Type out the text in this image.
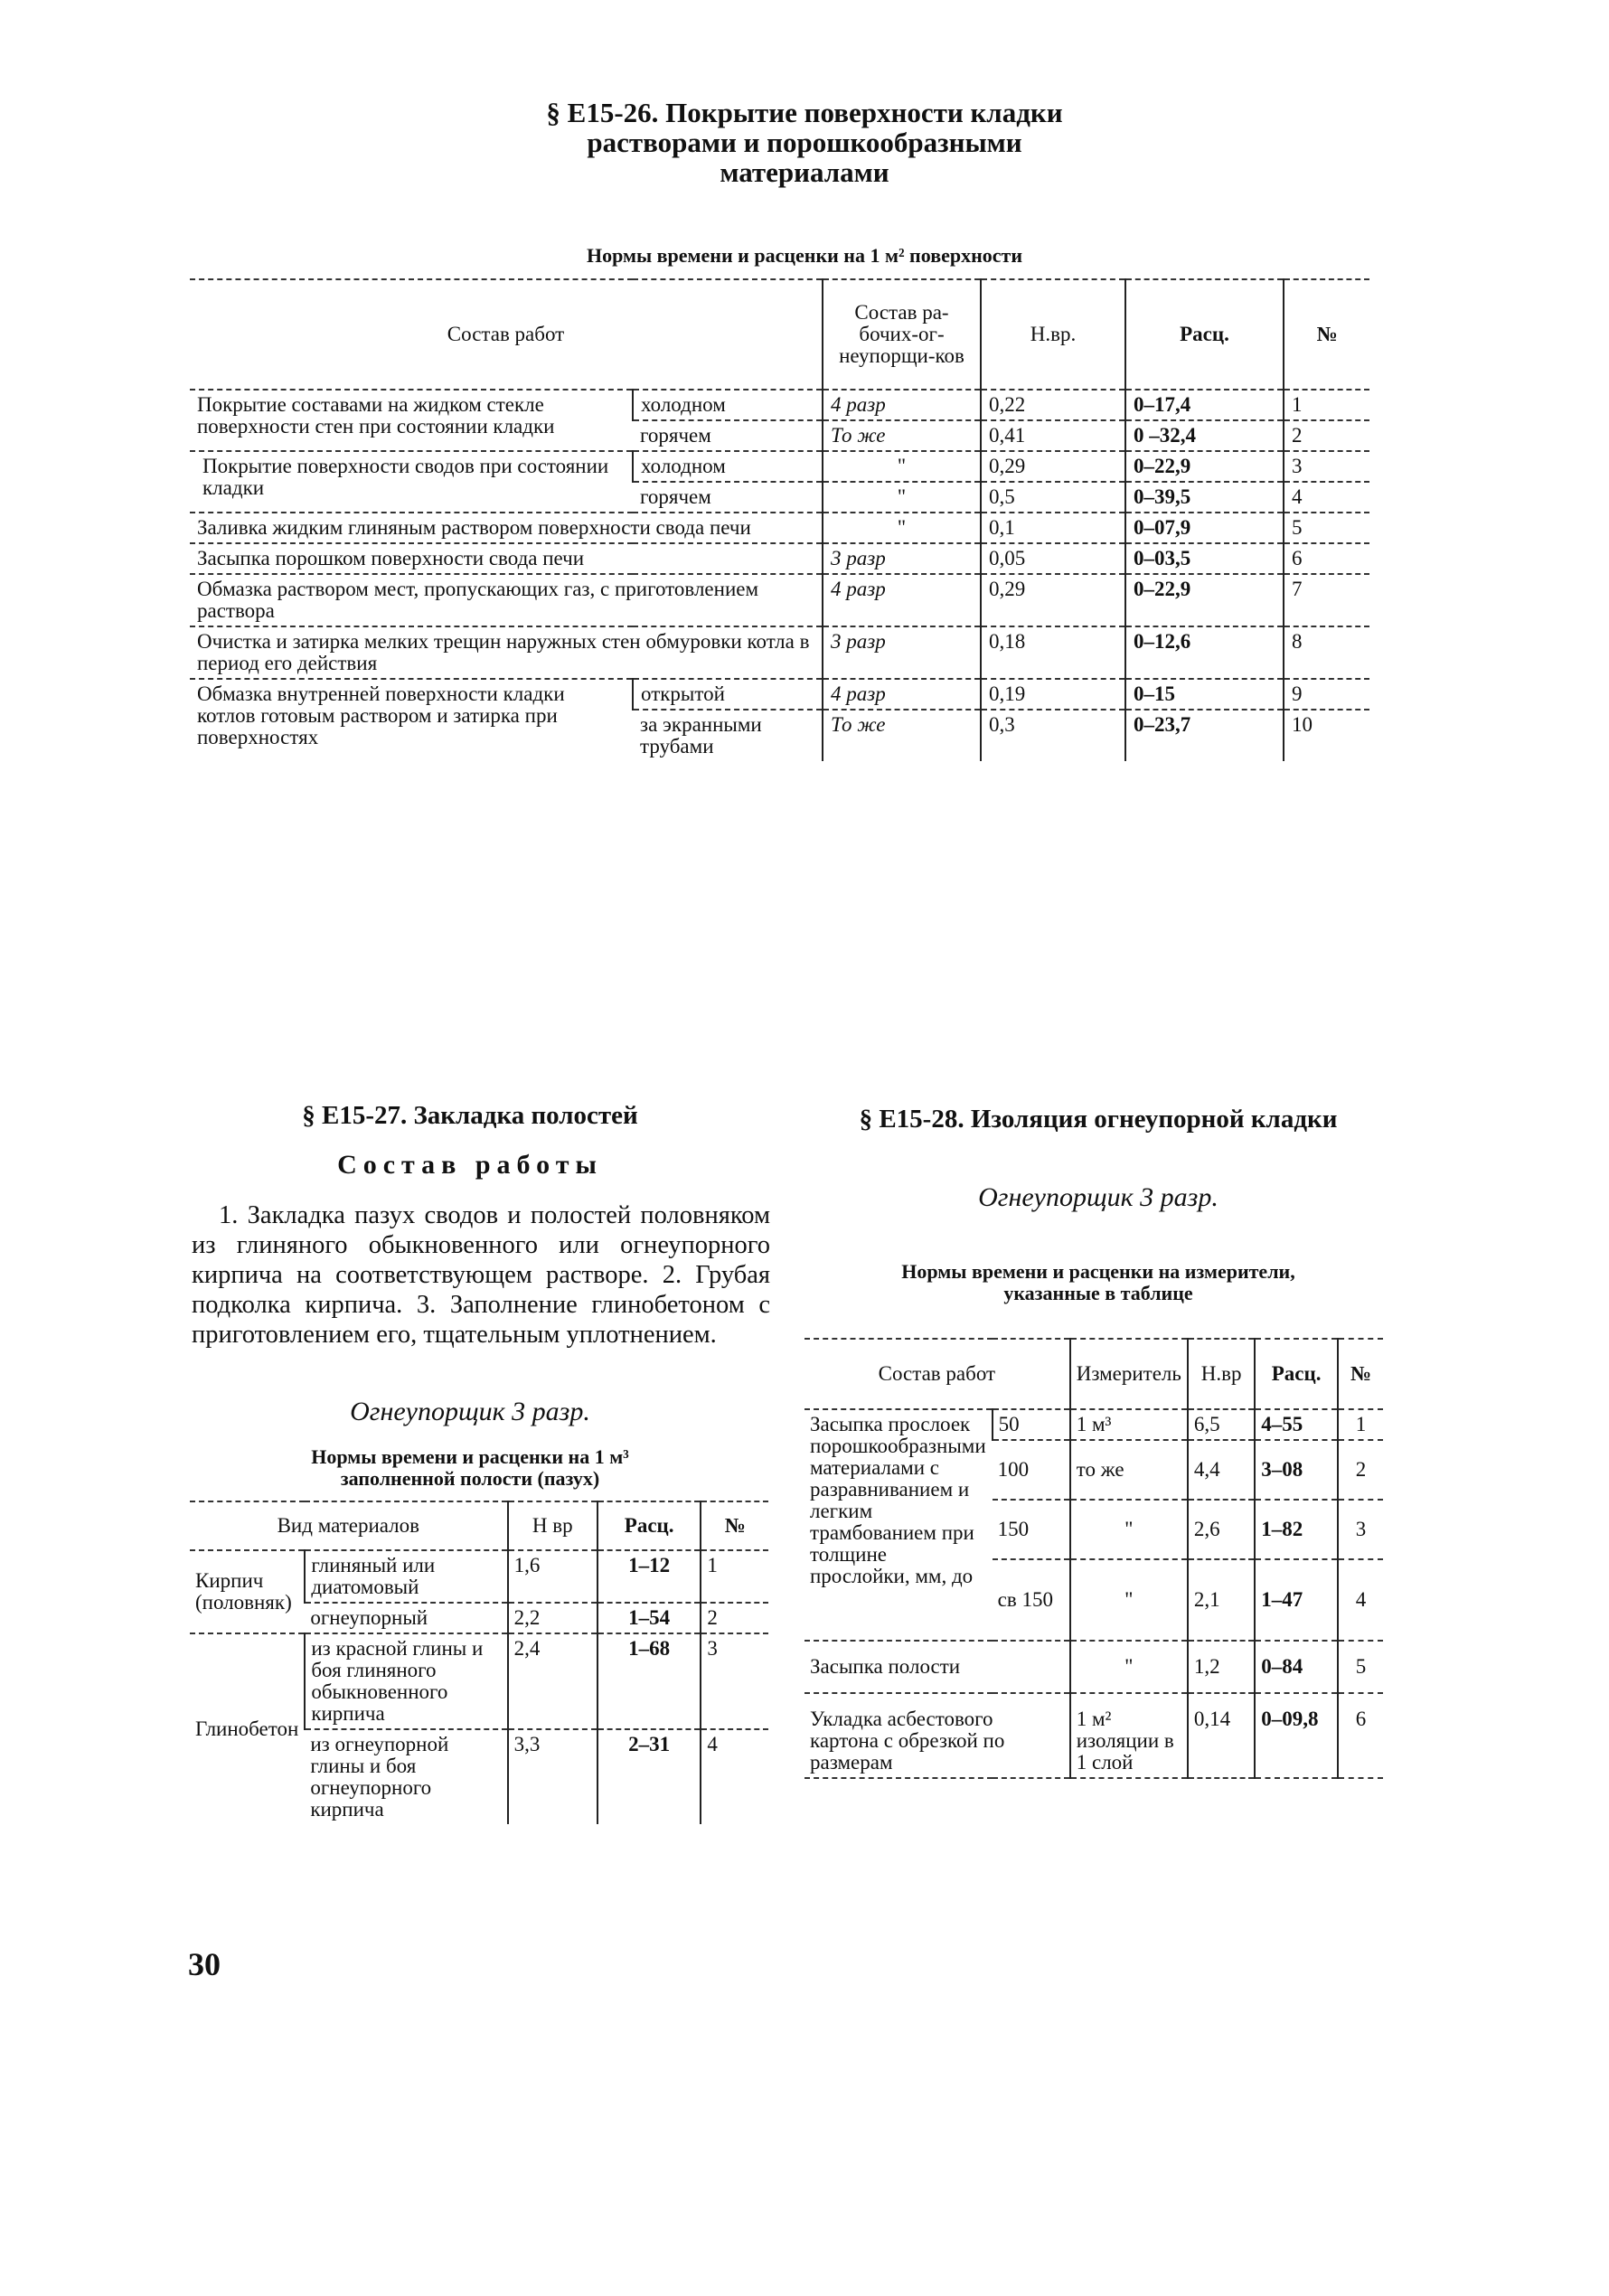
§ Е15-26. Покрытие поверхности кладки
растворами и порошкообразными
материалами
Нормы времени и расценки на 1 м² поверхности
Состав работ		Состав ра-бочих-ог-неупорщи-ков	Н.вр.	Расц.	№
Покрытие составами на жидком стекле поверхности стен при состоянии кладки	холодном	4 разр	0,22	0–17,4	1
	горячем	То же	0,41	0 –32,4	2
Покрытие поверхности сводов при состоянии кладки	холодном	"	0,29	0–22,9	3
	горячем	"	0,5	0–39,5	4
Заливка жидким глиняным раствором поверхности свода печи		"	0,1	0–07,9	5
Засыпка порошком поверхности свода печи		3 разр	0,05	0–03,5	6
Обмазка раствором мест, пропускающих газ, с приготовлением раствора		4 разр	0,29	0–22,9	7
Очистка и затирка мелких трещин наружных стен обмуровки котла в период его действия		3 разр	0,18	0–12,6	8
Обмазка внутренней поверхности кладки котлов готовым раствором и затирка при поверхностях	открытой	4 разр	0,19	0–15	9
	за экранными трубами	То же	0,3	0–23,7	10
§ Е15-27. Закладка полостей
Состав работы
1. Закладка пазух сводов и полостей половняком из глиняного обыкновенного или огнеупорного кирпича на соответствующем растворе. 2. Грубая подколка кирпича. 3. Заполнение глинобетоном с приготовлением его, тщательным уплотнением.
Огнеупорщик 3 разр.
Нормы времени и расценки на 1 м³
заполненной полости (пазух)
Вид материалов		Н вр	Расц.	№
Кирпич (половняк)	глиняный или диатомовый	1,6	1–12	1
	огнеупорный	2,2	1–54	2
Глинобетон	из красной глины и боя глиняного обыкновенного кирпича	2,4	1–68	3
	из огнеупорной глины и боя огнеупорного кирпича	3,3	2–31	4
§ Е15-28. Изоляция огнеупорной кладки
Огнеупорщик 3 разр.
Нормы времени и расценки на измерители,
указанные в таблице
Состав работ		Измеритель	Н.вр	Расц.	№
Засыпка прослоек порошкообразными материалами с разравниванием и легким трамбованием при толщине прослойки, мм, до	50	1 м³	6,5	4–55	1
	100	то же	4,4	3–08	2
	150	"	2,6	1–82	3
	св 150	"	2,1	1–47	4
Засыпка полости		"	1,2	0–84	5
Укладка асбестового картона с обрезкой по размерам		1 м² изоляции в 1 слой	0,14	0–09,8	6
30
